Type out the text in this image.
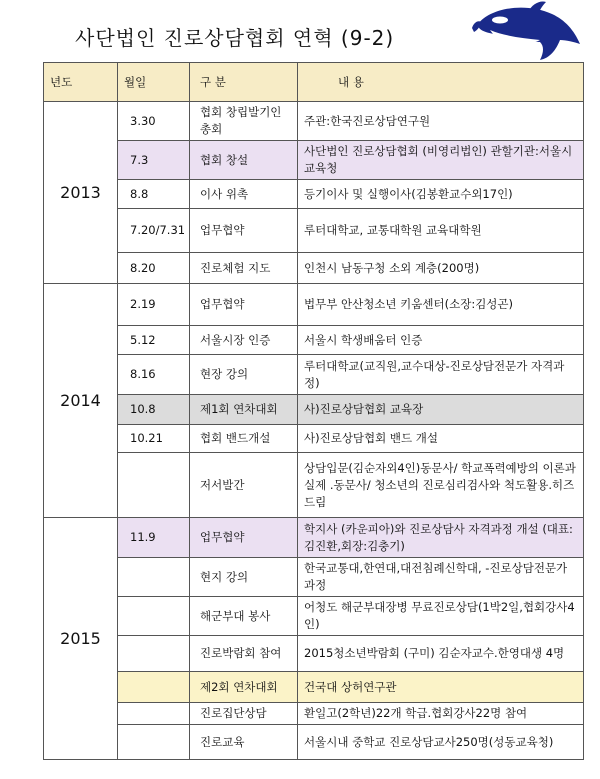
사단법인 진로상담협회 연혁 (9-2)
년도	월일	구 분	내 용
2013	3.30	협회 창립발기인 총회	주관:한국진로상담연구원
	7.3	협회 창설	사단법인 진로상담협회 (비영리법인) 관할기관:서울시교육청
	8.8	이사 위촉	등기이사 및 실행이사(김봉환교수외17인)
	7.20/7.31	업무협약	루터대학교, 교통대학원 교육대학원
	8.20	진로체험 지도	인천시 남동구청 소외 계층(200명)
2014	2.19	업무협약	법무부 안산청소년 키움센터(소장:김성곤)
	5.12	서울시장 인증	서울시 학생배움터 인증
	8.16	현장 강의	루터대학교(교직원,교수대상-진로상담전문가 자격과정)
	10.8	제1회 연차대회	사)진로상담협회 교육장
	10.21	협회 밴드개설	사)진로상담협회 밴드 개설
		저서발간	상담입문(김순자외4인)동문사/ 학교폭력예방의 이론과 실제 .동문사/ 청소년의 진로심리검사와 척도활용.히즈드림
2015	11.9	업무협약	학지사 (카운피아)와 진로상담사 자격과정 개설 (대표:김진환,회장:김충기)
		현지 강의	한국교통대,한연대,대전침례신학대, -진로상담전문가 과정
		해군부대 봉사	어청도 해군부대장병 무료진로상담(1박2일,협회강사4인)
		진로박람회 참여	2015청소년박람회 (구미) 김순자교수.한영대생 4명
		제2회 연차대회	건국대 상허연구관
		진로집단상담	환일고(2학년)22개 학급.협회강사22명 참여
		진로교육	서울시내 중학교 진로상담교사250명(성동교육청)
